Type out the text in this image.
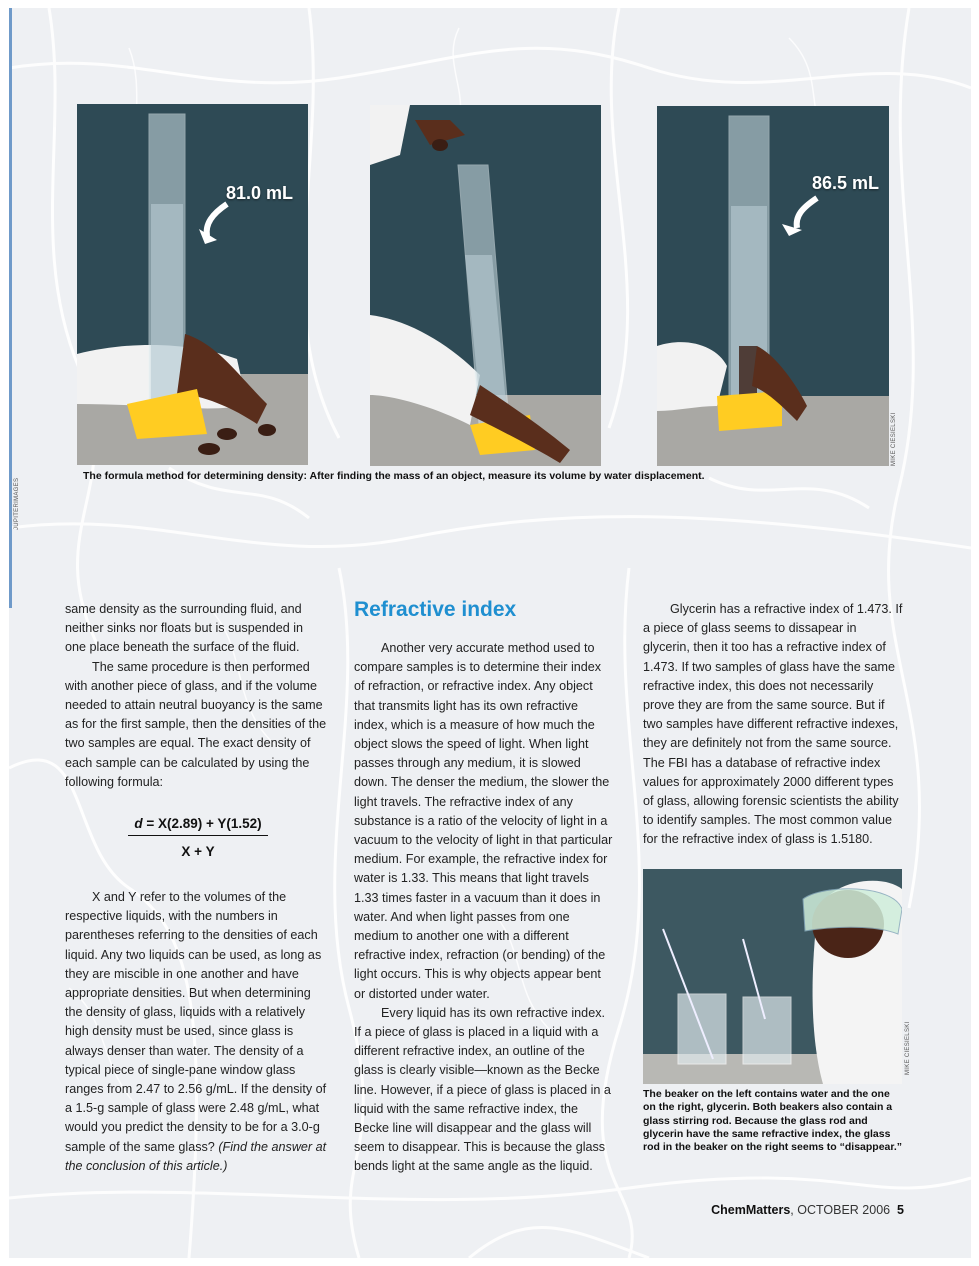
81.0 mL	86.5 mL
MIKE CIESIELSKI
JUPITERIMAGES
The formula method for determining density: After finding the mass of an object, measure its volume by water displacement.

same density as the surrounding fluid, and neither sinks nor floats but is suspended in one place beneath the surface of the fluid.

The same procedure is then performed with another piece of glass, and if the volume needed to attain neutral buoyancy is the same as for the first sample, then the densities of the two samples are equal. The exact density of each sample can be calculated by using the following formula:

$\frac{d = X(2.89) + Y(1.52)}{X + Y}$

X and Y refer to the volumes of the respective liquids, with the numbers in parentheses referring to the densities of each liquid. Any two liquids can be used, as long as they are miscible in one another and have appropriate densities. But when determining the density of glass, liquids with a relatively high density must be used, since glass is always denser than water. The density of a typical piece of single-pane window glass ranges from 2.47 to 2.56 g/mL. If the density of a 1.5-g sample of glass were 2.48 g/mL, what would you predict the density to be for a 3.0-g sample of the same glass? (Find the answer at the conclusion of this article.)

Refractive index

Another very accurate method used to compare samples is to determine their index of refraction, or refractive index. Any object that transmits light has its own refractive index, which is a measure of how much the object slows the speed of light. When light passes through any medium, it is slowed down. The denser the medium, the slower the light travels. The refractive index of any substance is a ratio of the velocity of light in a vacuum to the velocity of light in that particular medium. For example, the refractive index for water is 1.33. This means that light travels 1.33 times faster in a vacuum than it does in water. And when light passes from one medium to another one with a different refractive index, refraction (or bending) of the light occurs. This is why objects appear bent or distorted under water.

Every liquid has its own refractive index. If a piece of glass is placed in a liquid with a different refractive index, an outline of the glass is clearly visible—known as the Becke line. However, if a piece of glass is placed in a liquid with the same refractive index, the Becke line will disappear and the glass will seem to disappear. This is because the glass bends light at the same angle as the liquid.

Glycerin has a refractive index of 1.473. If a piece of glass seems to dissapear in glycerin, then it too has a refractive index of 1.473. If two samples of glass have the same refractive index, this does not necessarily prove they are from the same source. But if two samples have different refractive indexes, they are definitely not from the same source. The FBI has a database of refractive index values for approximately 2000 different types of glass, allowing forensic scientists the ability to identify samples. The most common value for the refractive index of glass is 1.5180.

MIKE CIESIELSKI
The beaker on the left contains water and the one on the right, glycerin. Both beakers also contain a glass stirring rod. Because the glass rod and glycerin have the same refractive index, the glass rod in the beaker on the right seems to “disappear.”
ChemMatters, OCTOBER 2006 5
